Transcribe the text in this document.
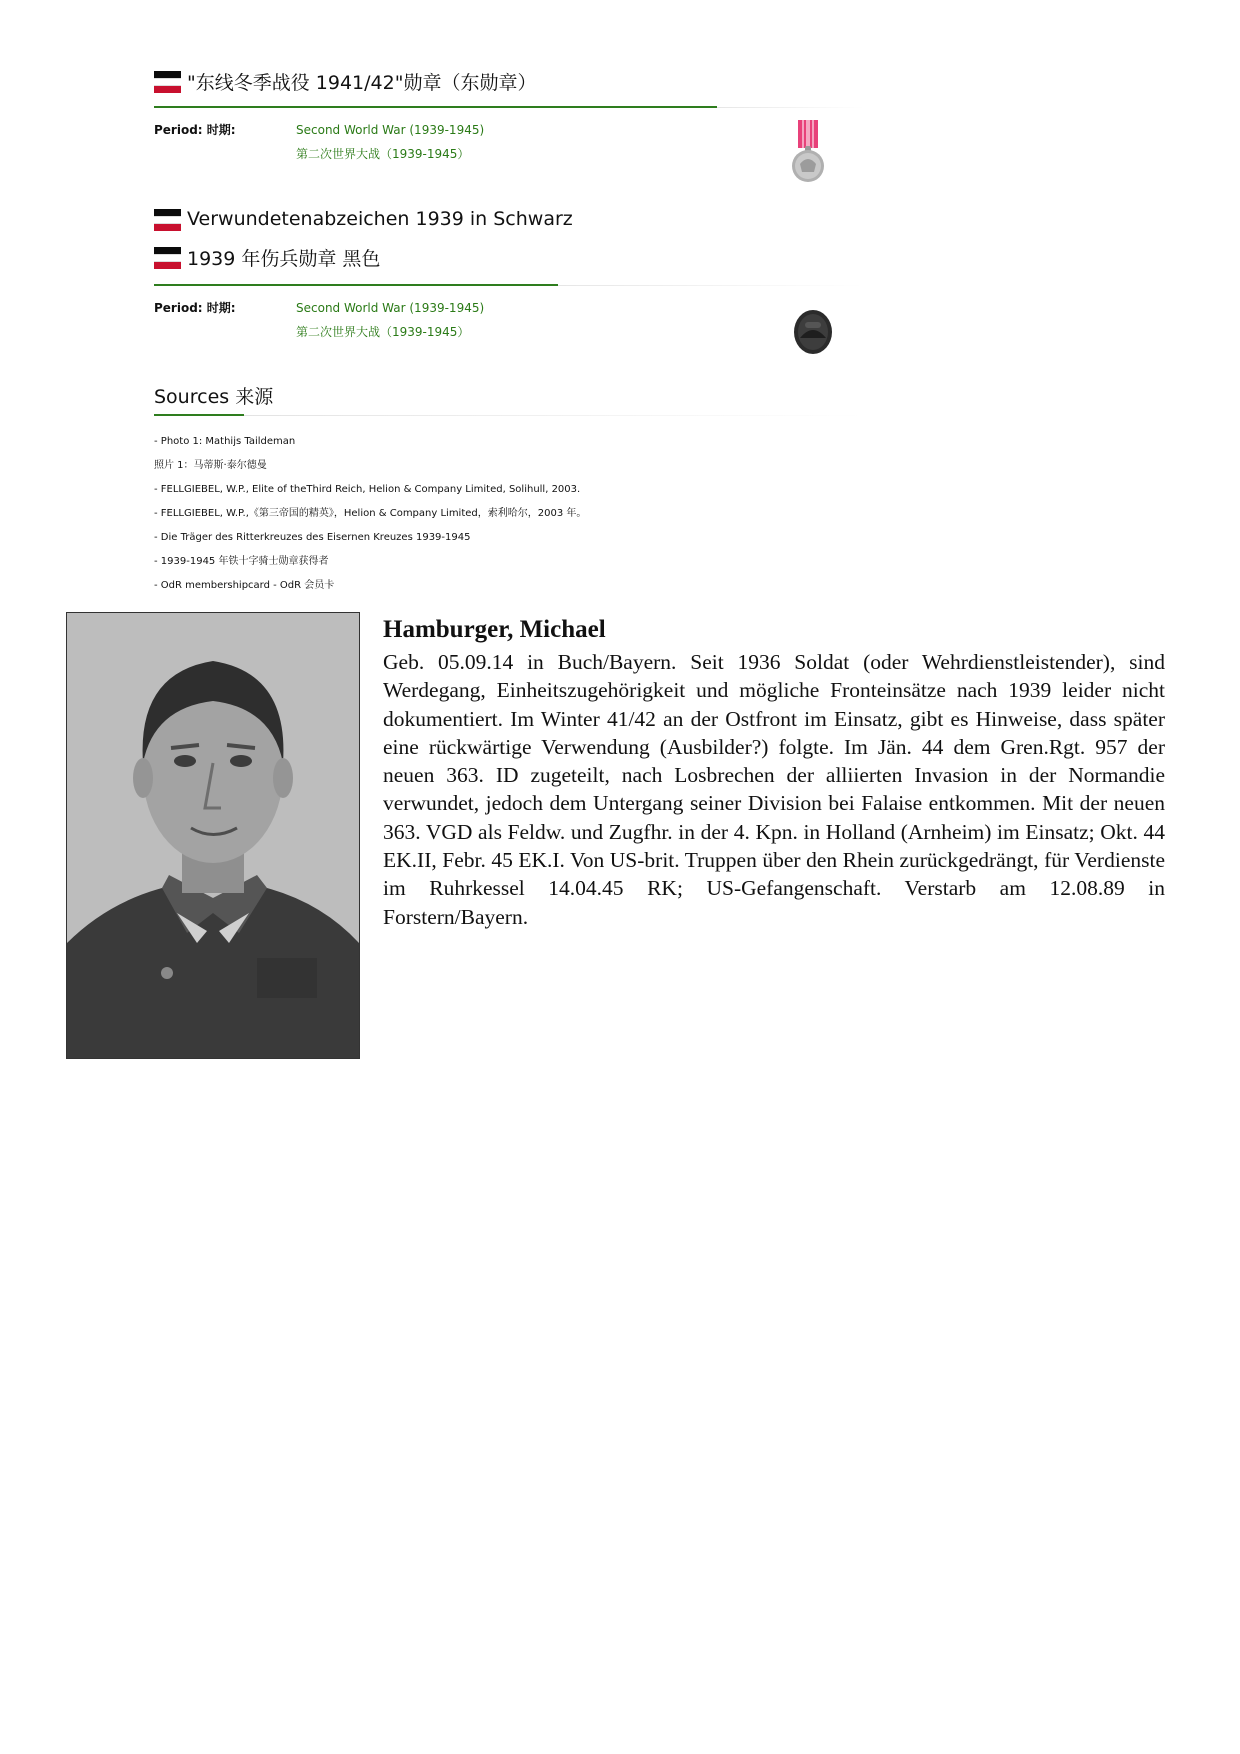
"东线冬季战役 1941/42"勋章（东勋章）
Period: 时期:	Second World War (1939-1945)
第二次世界大战（1939-1945）
Verwundetenabzeichen 1939 in Schwarz
1939 年伤兵勋章 黑色
Period: 时期:	Second World War (1939-1945)
第二次世界大战（1939-1945）
Sources 来源
- Photo 1: Mathijs Taildeman
照片 1：马蒂斯·泰尔德曼
- FELLGIEBEL, W.P., Elite of theThird Reich, Helion & Company Limited, Solihull, 2003.
- FELLGIEBEL, W.P.,《第三帝国的精英》，Helion & Company Limited，索利哈尔，2003 年。
- Die Träger des Ritterkreuzes des Eisernen Kreuzes 1939-1945
- 1939-1945 年铁十字骑士勋章获得者
- OdR membershipcard - OdR 会员卡
Hamburger, Michael
Geb. 05.09.14 in Buch/Bayern. Seit 1936 Soldat (oder Wehrdienstleistender), sind Werdegang, Einheitszugehörigkeit und mögliche Fronteinsätze nach 1939 leider nicht dokumentiert. Im Winter 41/42 an der Ostfront im Einsatz, gibt es Hinweise, dass später eine rückwärtige Verwendung (Ausbilder?) folgte. Im Jän. 44 dem Gren.Rgt. 957 der neuen 363. ID zugeteilt, nach Losbrechen der alliierten Invasion in der Normandie verwundet, jedoch dem Untergang seiner Division bei Falaise entkommen. Mit der neuen 363. VGD als Feldw. und Zugfhr. in der 4. Kpn. in Holland (Arnheim) im Einsatz; Okt. 44 EK.II, Febr. 45 EK.I. Von US-brit. Truppen über den Rhein zurückgedrängt, für Verdienste im Ruhrkessel 14.04.45 RK; US-Gefangenschaft. Verstarb am 12.08.89 in Forstern/Bayern.
